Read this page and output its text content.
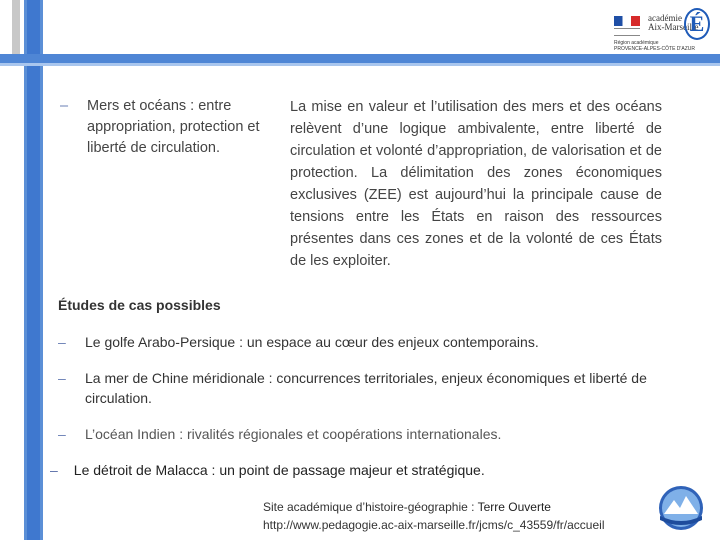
académie
Aix-Marseille
É
Région académique
PROVENCE-ALPES-CÔTE D'AZUR
– Mers et océans : entre appropriation, protection et liberté de circulation.
La mise en valeur et l’utilisation des mers et des océans relèvent d’une logique ambivalente, entre liberté de circulation et volonté d’appropriation, de valorisation et de protection. La délimitation des zones économiques exclusives (ZEE) est aujourd’hui la principale cause de tensions entre les États en raison des ressources présentes dans ces zones et de la volonté de ces États de les exploiter.
Études de cas possibles
– Le golfe Arabo-Persique : un espace au cœur des enjeux contemporains.
– La mer de Chine méridionale : concurrences territoriales, enjeux économiques et liberté de circulation.
– L’océan Indien : rivalités régionales et coopérations internationales.
– Le détroit de Malacca : un point de passage majeur et stratégique.
Site académique d’histoire-géographie : Terre Ouverte
http://www.pedagogie.ac-aix-marseille.fr/jcms/c_43559/fr/accueil
